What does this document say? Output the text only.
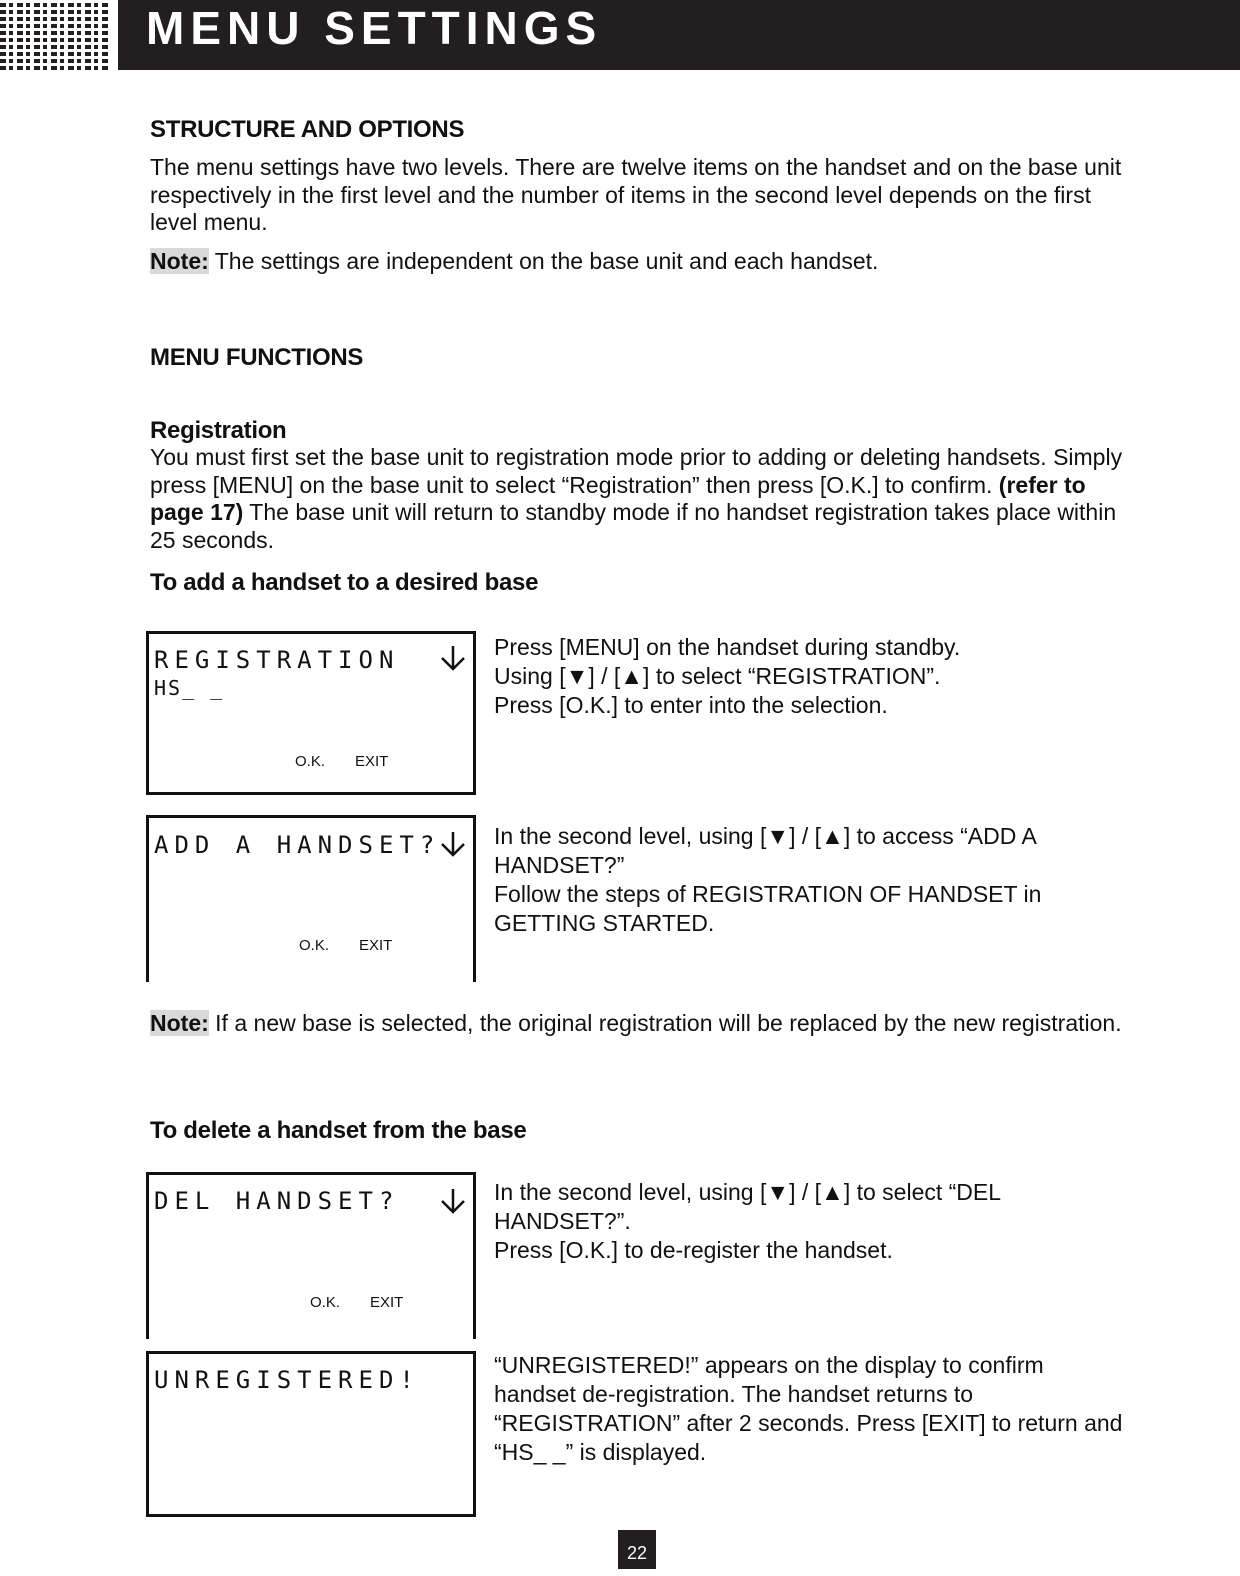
MENU SETTINGS
STRUCTURE AND OPTIONS

The menu settings have two levels. There are twelve items on the handset and on the base unit respectively in the first level and the number of items in the second level depends on the first level menu.

Note: The settings are independent on the base unit and each handset.

MENU FUNCTIONS
Registration

You must first set the base unit to registration mode prior to adding or deleting handsets. Simply press [MENU] on the base unit to select “Registration” then press [O.K.] to confirm. (refer to page 17) The base unit will return to standby mode if no handset registration takes place within 25 seconds.

To add a handset to a desired base
REGISTRATION
HS_ _
O.K. EXIT

Press [MENU] on the handset during standby.
Using [▼] / [▲] to select “REGISTRATION”.
Press [O.K.] to enter into the selection.

ADD A HANDSET?
O.K. EXIT

In the second level, using [▼] / [▲] to access “ADD A HANDSET?”
Follow the steps of REGISTRATION OF HANDSET in GETTING STARTED.

Note: If a new base is selected, the original registration will be replaced by the new registration.

To delete a handset from the base
DEL HANDSET?
O.K. EXIT

In the second level, using [▼] / [▲] to select “DEL HANDSET?”.
Press [O.K.] to de-register the handset.

UNREGISTERED!

“UNREGISTERED!” appears on the display to confirm handset de-registration. The handset returns to “REGISTRATION” after 2 seconds. Press [EXIT] to return and “HS_ _” is displayed.

22
